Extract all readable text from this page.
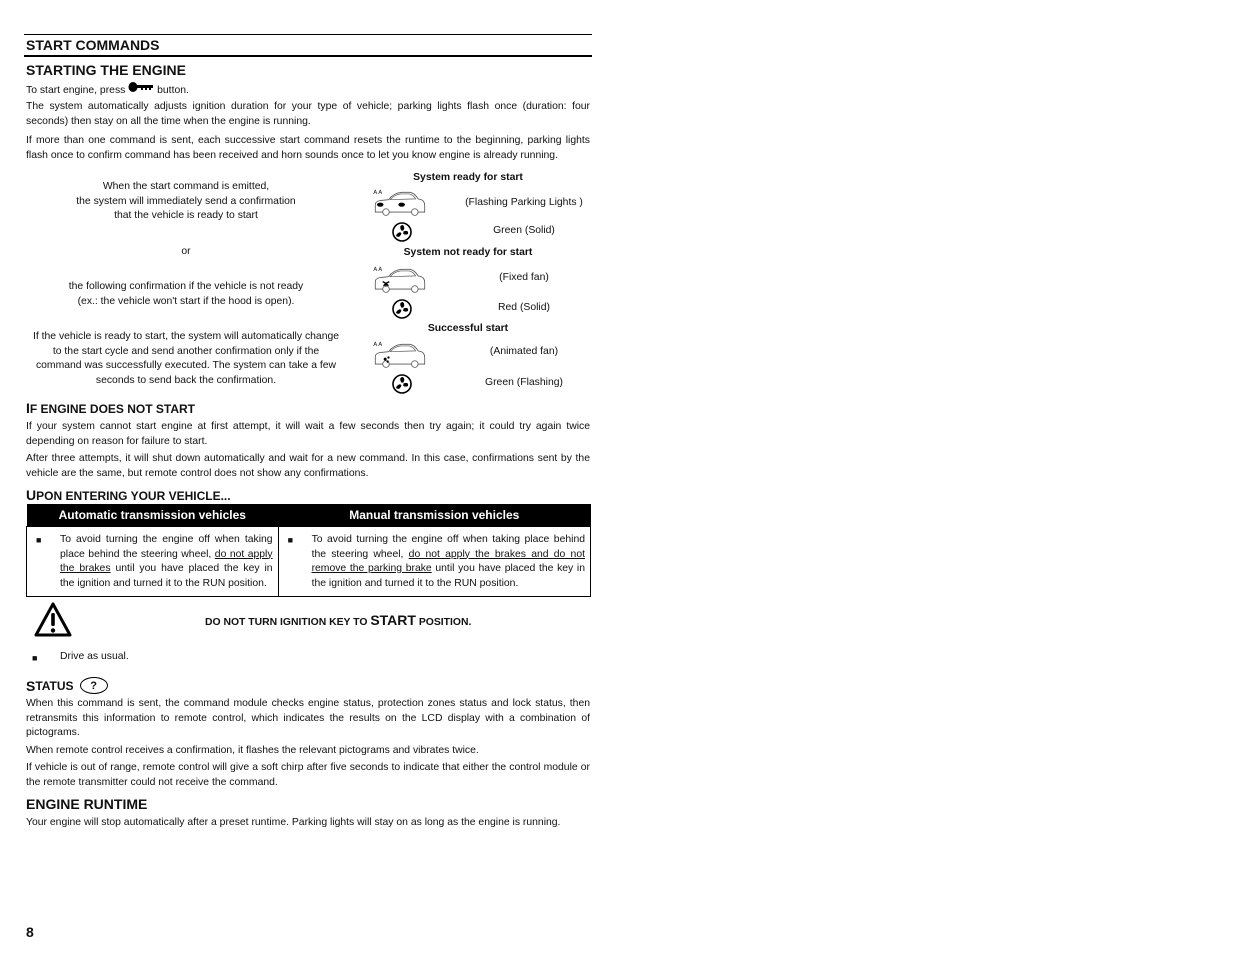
START COMMANDS
STARTING THE ENGINE
To start engine, press	button.
The system automatically adjusts ignition duration for your type of vehicle; parking lights flash once (duration: four seconds) then stay on all the time when the engine is running.
If more than one command is sent, each successive start command resets the runtime to the beginning, parking lights flash once to confirm command has been received and horn sounds once to let you know engine is already running.
When the start command is emitted,
the system will immediately send a confirmation
that the vehicle is ready to start
or
the following confirmation if the vehicle is not ready
(ex.: the vehicle won't start if the hood is open).
If the vehicle is ready to start, the system will automatically change
to the start cycle and send another confirmation only if the
command was successfully executed. The system can take a few
seconds to send back the confirmation.
System ready for start
(Flashing Parking Lights )
Green (Solid)
System not ready for start
(Fixed fan)
Red (Solid)
Successful start
(Animated fan)
Green (Flashing)
IF ENGINE DOES NOT START
If your system cannot start engine at first attempt, it will wait a few seconds then try again; it could try again twice depending on reason for failure to start.
After three attempts, it will shut down automatically and wait for a new command. In this case, confirmations sent by the vehicle are the same, but remote control does not show any confirmations.
UPON ENTERING YOUR VEHICLE...
Automatic transmission vehicles	Manual transmission vehicles

■ To avoid turning the engine off when taking place behind the steering wheel, do not apply the brakes until you have placed the key in the ignition and turned it to the RUN position.	■ To avoid turning the engine off when taking place behind the steering wheel, do not apply the brakes and do not remove the parking brake until you have placed the key in the ignition and turned it to the RUN position.
DO NOT TURN IGNITION KEY TO START POSITION.
■	Drive as usual.
S TATUS	?
When this command is sent, the command module checks engine status, protection zones status and lock status, then retransmits this information to remote control, which indicates the results on the LCD display with a combination of pictograms.
When remote control receives a confirmation, it flashes the relevant pictograms and vibrates twice.
If vehicle is out of range, remote control will give a soft chirp after five seconds to indicate that either the control module or the remote transmitter could not receive the command.
ENGINE RUNTIME
Your engine will stop automatically after a preset runtime. Parking lights will stay on as long as the engine is running.
8
